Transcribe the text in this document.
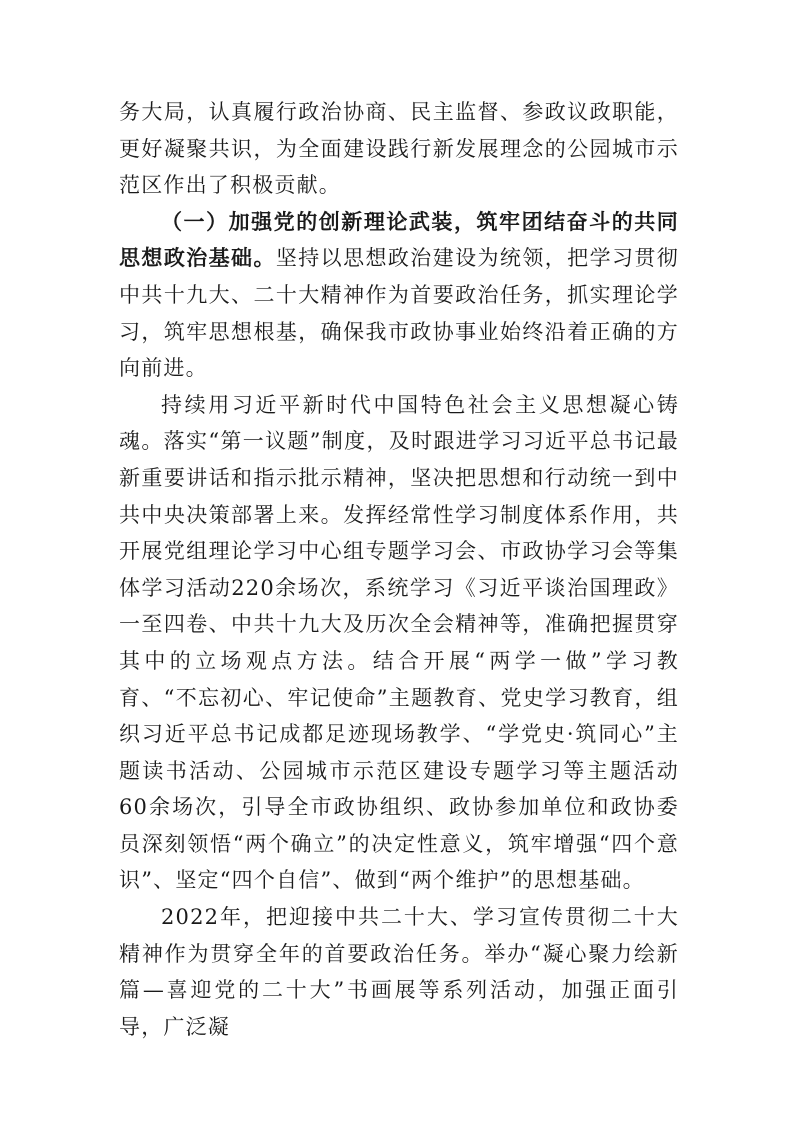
务大局，认真履行政治协商、民主监督、参政议政职能，更好凝聚共识，为全面建设践行新发展理念的公园城市示范区作出了积极贡献。

（一）加强党的创新理论武装，筑牢团结奋斗的共同思想政治基础。坚持以思想政治建设为统领，把学习贯彻中共十九大、二十大精神作为首要政治任务，抓实理论学习，筑牢思想根基，确保我市政协事业始终沿着正确的方向前进。

持续用习近平新时代中国特色社会主义思想凝心铸魂。落实“第一议题”制度，及时跟进学习习近平总书记最新重要讲话和指示批示精神，坚决把思想和行动统一到中共中央决策部署上来。发挥经常性学习制度体系作用，共开展党组理论学习中心组专题学习会、市政协学习会等集体学习活动220余场次，系统学习《习近平谈治国理政》一至四卷、中共十九大及历次全会精神等，准确把握贯穿其中的立场观点方法。结合开展“两学一做”学习教育、“不忘初心、牢记使命”主题教育、党史学习教育，组织习近平总书记成都足迹现场教学、“学党史·筑同心”主题读书活动、公园城市示范区建设专题学习等主题活动60余场次，引导全市政协组织、政协参加单位和政协委员深刻领悟“两个确立”的决定性意义，筑牢增强“四个意识”、坚定“四个自信”、做到“两个维护”的思想基础。

2022年，把迎接中共二十大、学习宣传贯彻二十大精神作为贯穿全年的首要政治任务。举办“凝心聚力绘新篇—喜迎党的二十大”书画展等系列活动，加强正面引导，广泛凝
